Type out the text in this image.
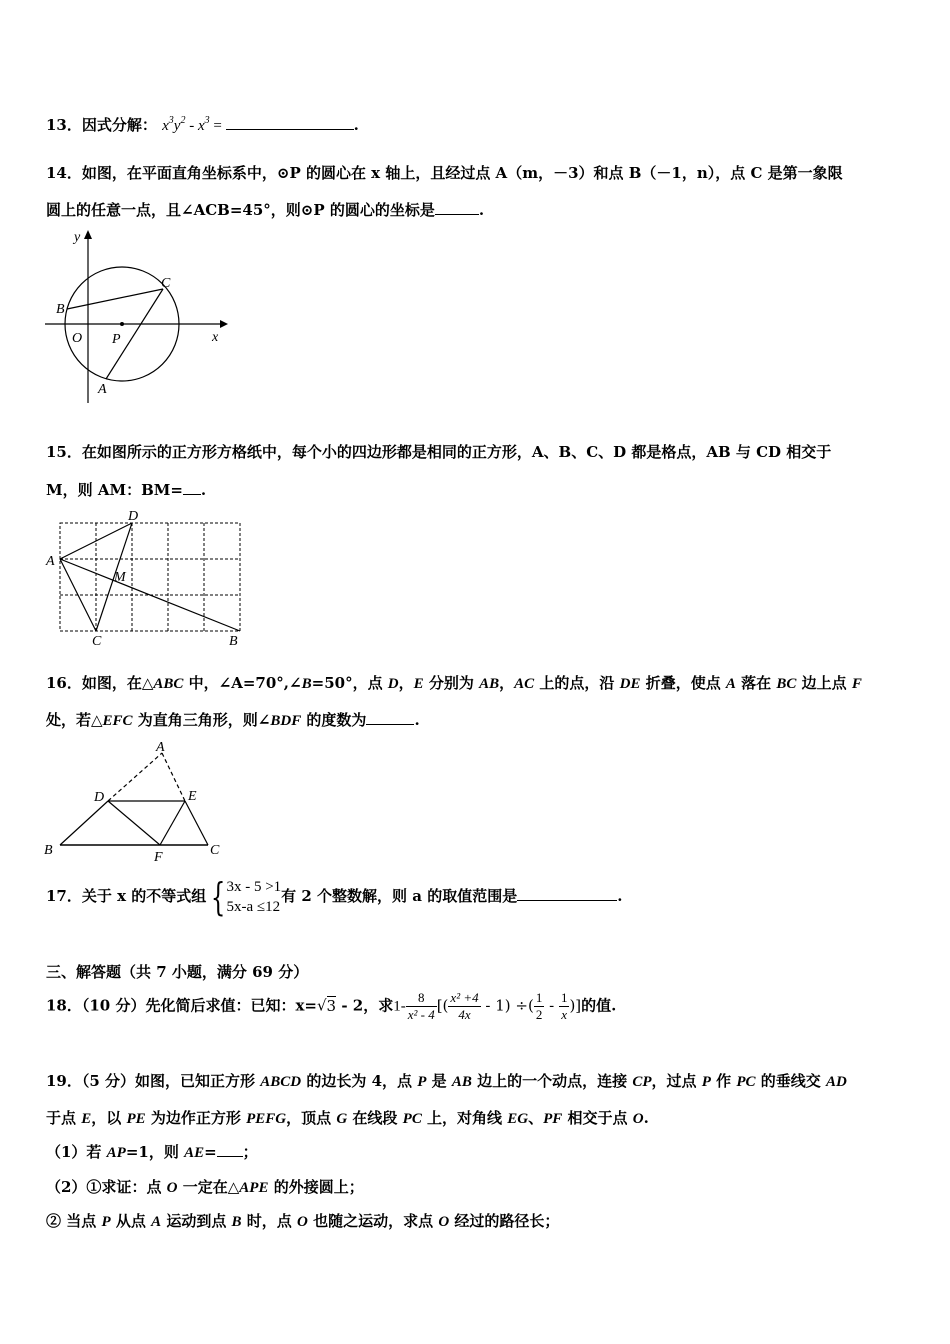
13．因式分解： $x^3y^2 - x^3$ =	.
14．如图，在平面直角坐标系中，⊙P 的圆心在 x 轴上，且经过点 A（m，－3）和点 B（－1，n），点 C 是第一象限
圆上的任意一点，且∠ACB=45°，则⊙P 的圆心的坐标是	.
y
x
B
C
O P
A
15．在如图所示的正方形方格纸中，每个小的四边形都是相同的正方形，A、B、C、D 都是格点，AB 与 CD 相交于
M，则 AM：BM= .
A
D
M
C	B
16．如图，在△ABC 中，∠A=70°,∠B=50°，点 D，E 分别为 AB，AC 上的点，沿 DE 折叠，使点 A 落在 BC 边上点 F
处，若△EFC 为直角三角形，则∠BDF 的度数为	.
A
D	E
B	F	C
17．关于 x 的不等式组 { 3x - 5 >1
5x-a ≤12
有 2 个整数解，则 a 的取值范围是	.
三、解答题（共 7 小题，满分 69 分）
18．（10 分）先化简后求值：已知：x=√3 - 2，求$1- \frac{8}{\text{x² - 4}}$ [( $\frac{\text{x² +4}}{4x} - 1$) ÷( $\frac{1}{2} - \frac{1}{x}$ )]的值.
19．（5 分）如图，已知正方形 ABCD 的边长为 4，点 P 是 AB 边上的一个动点，连接 CP，过点 P 作 PC 的垂线交 AD
于点 E，以 PE 为边作正方形 PEFG，顶点 G 在线段 PC 上，对角线 EG、PF 相交于点 O.
（1）若 AP=1，则 AE= ；
（2）①求证：点 O 一定在△APE 的外接圆上；
② 当点 P 从点 A 运动到点 B 时，点 O 也随之运动，求点 O 经过的路径长；
